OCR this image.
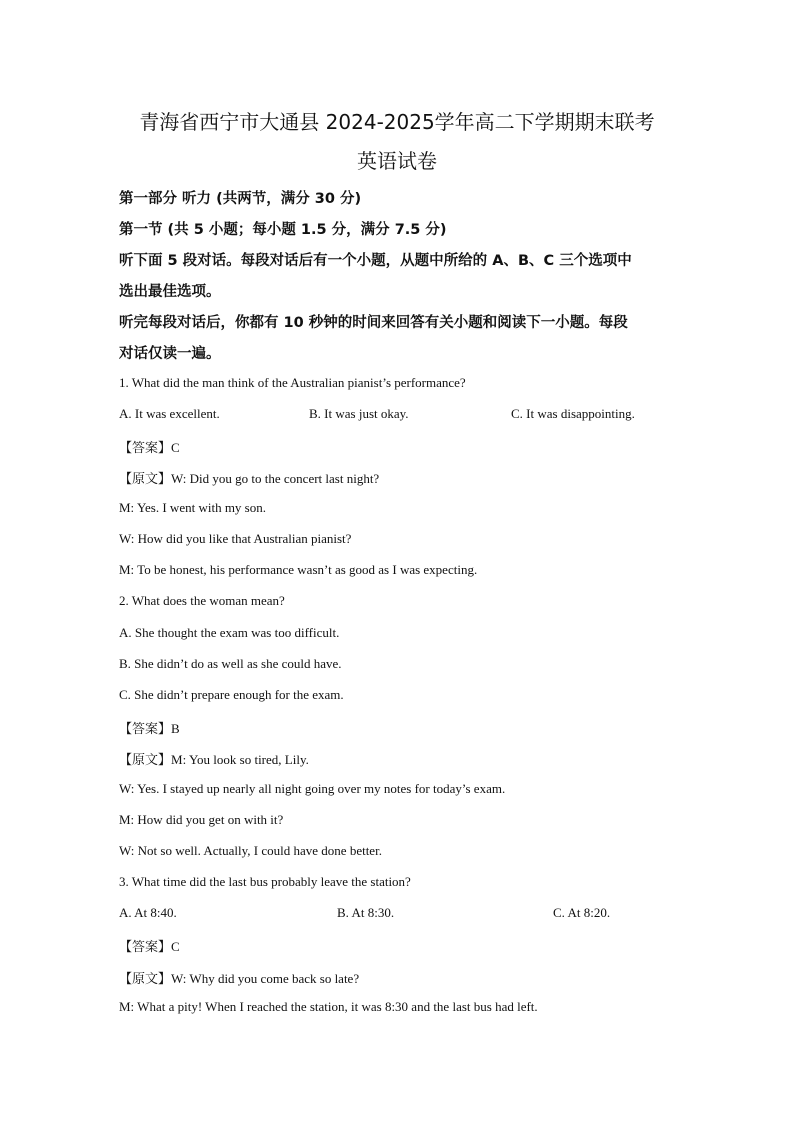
青海省西宁市大通县 2024-2025学年高二下学期期末联考
英语试卷
第一部分 听力 (共两节，满分 30 分)
第一节 (共 5 小题；每小题 1.5 分，满分 7.5 分)
听下面 5 段对话。每段对话后有一个小题，从题中所给的 A、B、C 三个选项中
选出最佳选项。
听完每段对话后，你都有 10 秒钟的时间来回答有关小题和阅读下一小题。每段
对话仅读一遍。
1. What did the man think of the Australian pianist’s performance?
A. It was excellent.	B. It was just okay.	C. It was disappointing.
【答案】C
【原文】W: Did you go to the concert last night?
M: Yes. I went with my son.
W: How did you like that Australian pianist?
M: To be honest, his performance wasn’t as good as I was expecting.
2. What does the woman mean?
A. She thought the exam was too difficult.
B. She didn’t do as well as she could have.
C. She didn’t prepare enough for the exam.
【答案】B
【原文】M: You look so tired, Lily.
W: Yes. I stayed up nearly all night going over my notes for today’s exam.
M: How did you get on with it?
W: Not so well. Actually, I could have done better.
3. What time did the last bus probably leave the station?
A. At 8:40.	B. At 8:30.	C. At 8:20.
【答案】C
【原文】W: Why did you come back so late?
M: What a pity! When I reached the station, it was 8:30 and the last bus had left.
